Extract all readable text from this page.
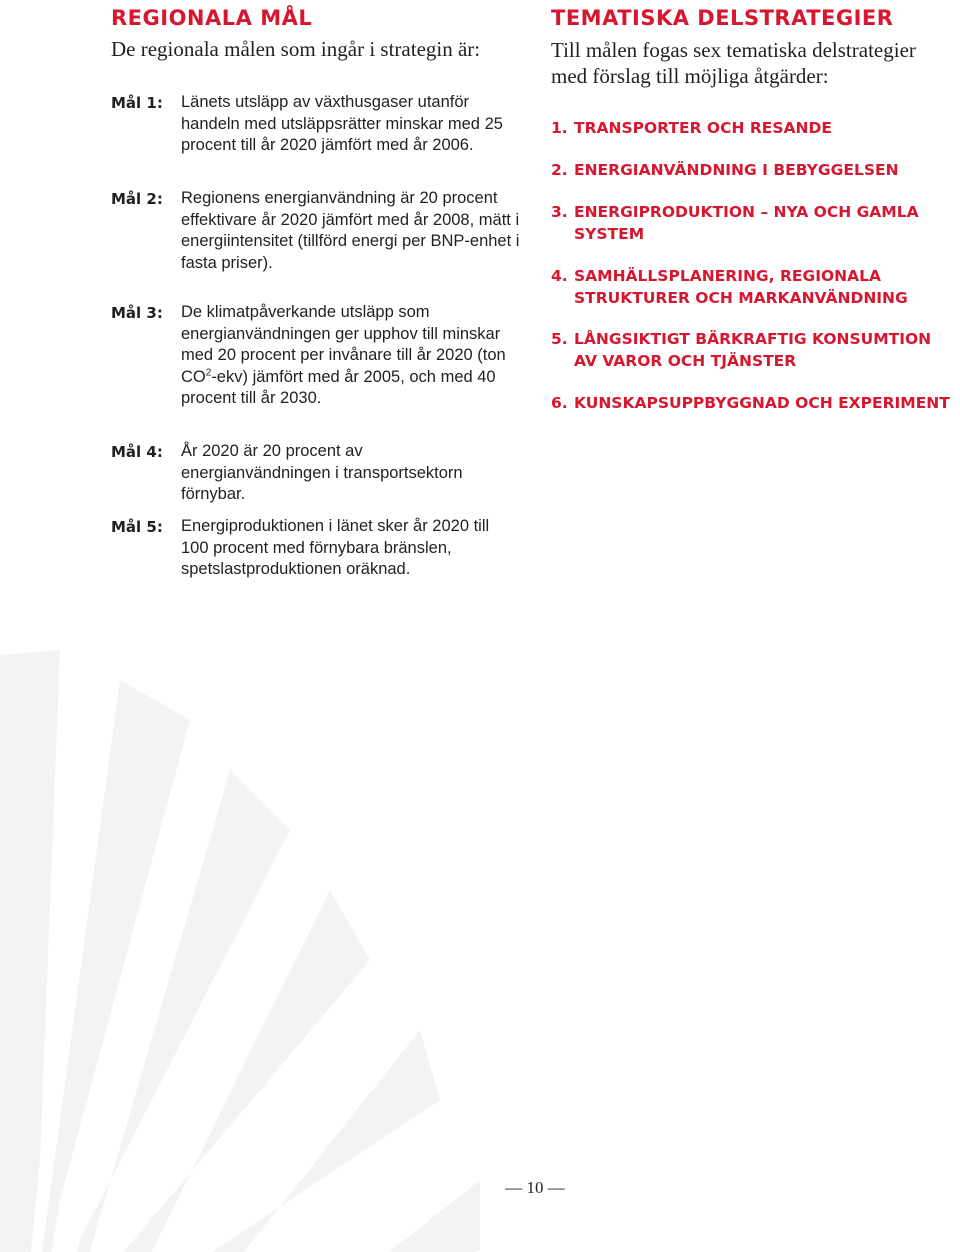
REGIONALA MÅL

De regionala målen som ingår i strategin är:

Mål 1: Länets utsläpp av växthusgaser utanför handeln med utsläppsrätter minskar med 25 procent till år 2020 jämfört med år 2006.

Mål 2: Regionens energianvändning är 20 procent effektivare år 2020 jämfört med år 2008, mätt i energiintensitet (tillförd energi per BNP-enhet i fasta priser).

Mål 3: De klimatpåverkande utsläpp som energianvändningen ger upphov till minskar med 20 procent per invånare till år 2020 (ton $CO^2-ekv$) jämfört med år 2005, och med 40 procent till år 2030.

Mål 4: År 2020 är 20 procent av energianvändningen i transportsektorn förnybar.

Mål 5: Energiproduktionen i länet sker år 2020 till 100 procent med förnybara bränslen, spetslastproduktionen oräknad.

TEMATISKA DELSTRATEGIER

Till målen fogas sex tematiska delstrategier med förslag till möjliga åtgärder:

1. TRANSPORTER OCH RESANDE
2. ENERGIANVÄNDNING I BEBYGGELSEN
3. ENERGIPRODUKTION – NYA OCH GAMLA SYSTEM
4. SAMHÄLLSPLANERING, REGIONALA STRUKTURER OCH MARKANVÄNDNING
5. LÅNGSIKTIGT BÄRKRAFTIG KONSUMTION AV VAROR OCH TJÄNSTER
6. KUNSKAPSUPPBYGGNAD OCH EXPERIMENT
— 10 —
